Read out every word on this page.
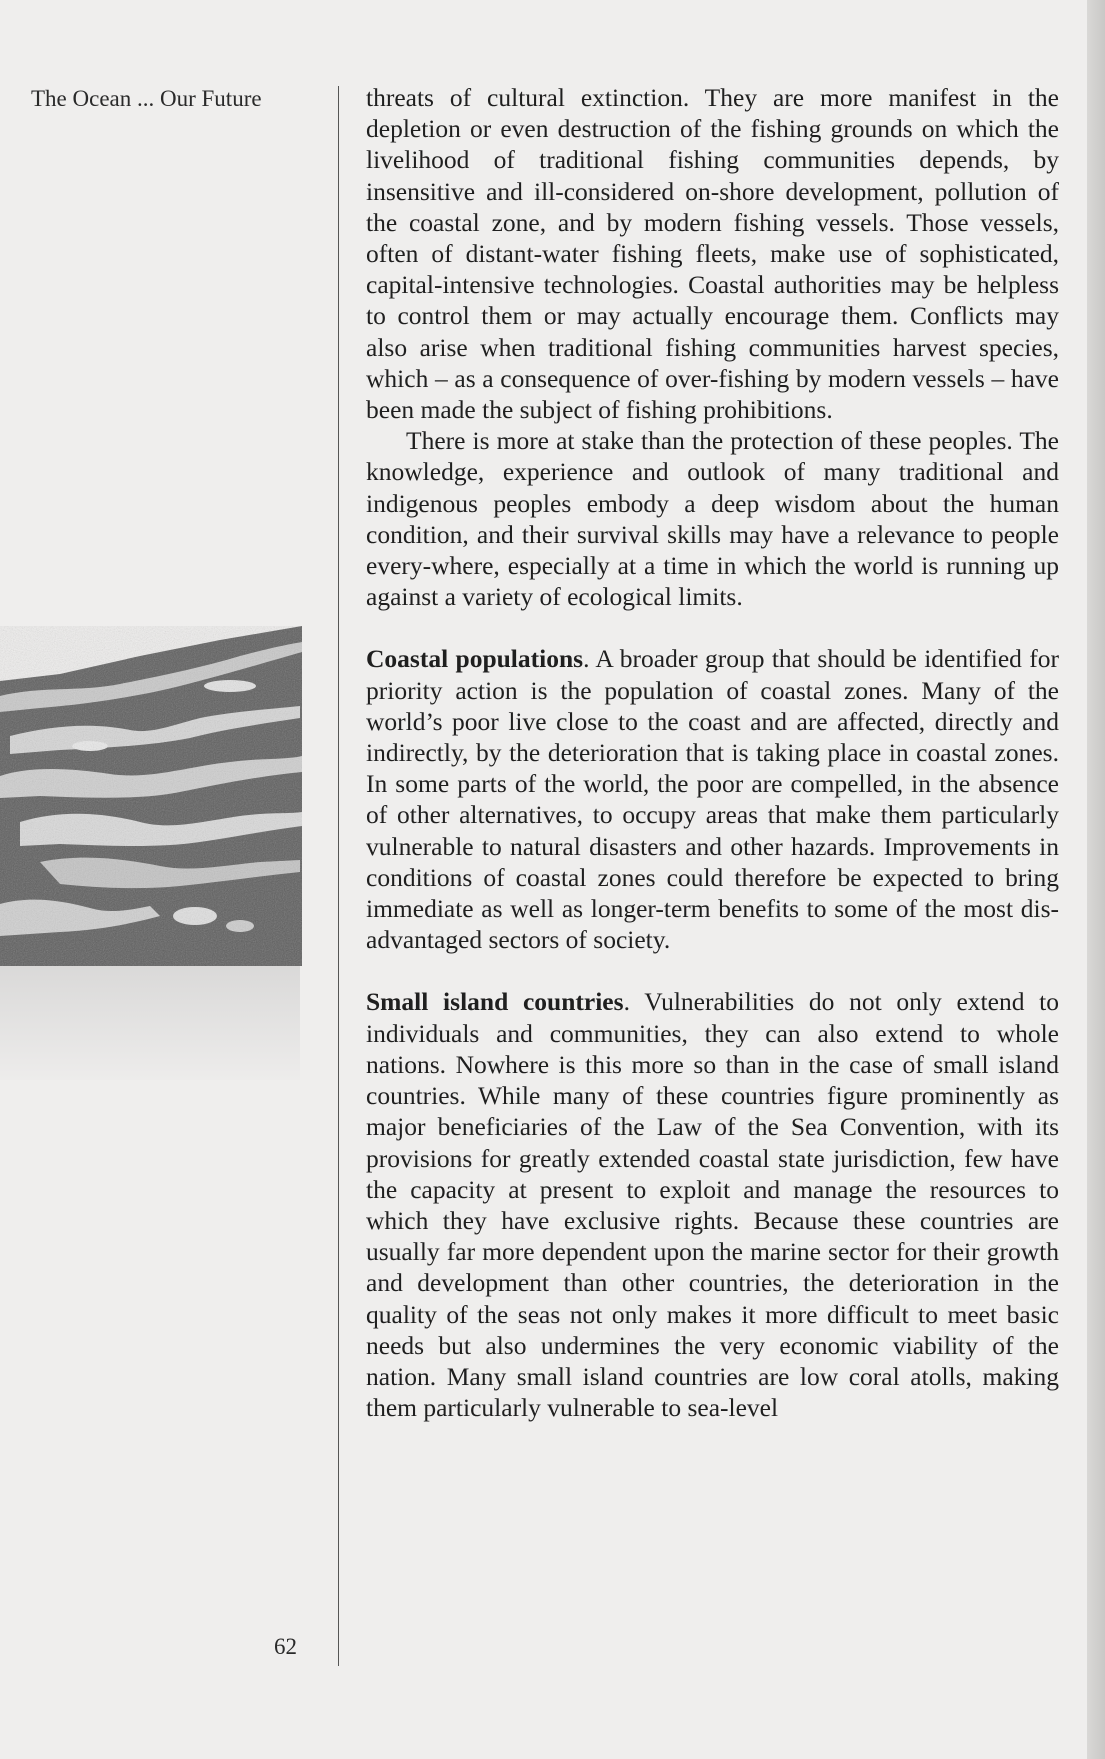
The Ocean ... Our Future
62

threats of cultural extinction. They are more manifest in the depletion or even destruction of the fishing grounds on which the livelihood of traditional fishing communities depends, by insensitive and ill-considered on-shore development, pollution of the coastal zone, and by modern fishing vessels. Those vessels, often of distant-water fishing fleets, make use of sophisticated, capital-intensive technologies. Coastal authorities may be helpless to control them or may actually encourage them. Conflicts may also arise when traditional fishing communities harvest species, which – as a consequence of over-fishing by modern vessels – have been made the subject of fishing prohibitions.

There is more at stake than the protection of these peoples. The knowledge, experience and outlook of many traditional and indigenous peoples embody a deep wisdom about the human condition, and their survival skills may have a relevance to people every-where, especially at a time in which the world is running up against a variety of ecological limits.

Coastal populations. A broader group that should be identified for priority action is the population of coastal zones. Many of the world’s poor live close to the coast and are affected, directly and indirectly, by the deterioration that is taking place in coastal zones. In some parts of the world, the poor are compelled, in the absence of other alternatives, to occupy areas that make them particularly vulnerable to natural disasters and other hazards. Improvements in conditions of coastal zones could therefore be expected to bring immediate as well as longer-term benefits to some of the most dis-advantaged sectors of society.

Small island countries. Vulnerabilities do not only extend to individuals and communities, they can also extend to whole nations. Nowhere is this more so than in the case of small island countries. While many of these countries figure prominently as major beneficiaries of the Law of the Sea Convention, with its provisions for greatly extended coastal state jurisdiction, few have the capacity at present to exploit and manage the resources to which they have exclusive rights. Because these countries are usually far more dependent upon the marine sector for their growth and development than other countries, the deterioration in the quality of the seas not only makes it more difficult to meet basic needs but also undermines the very economic viability of the nation. Many small island countries are low coral atolls, making them particularly vulnerable to sea-level
